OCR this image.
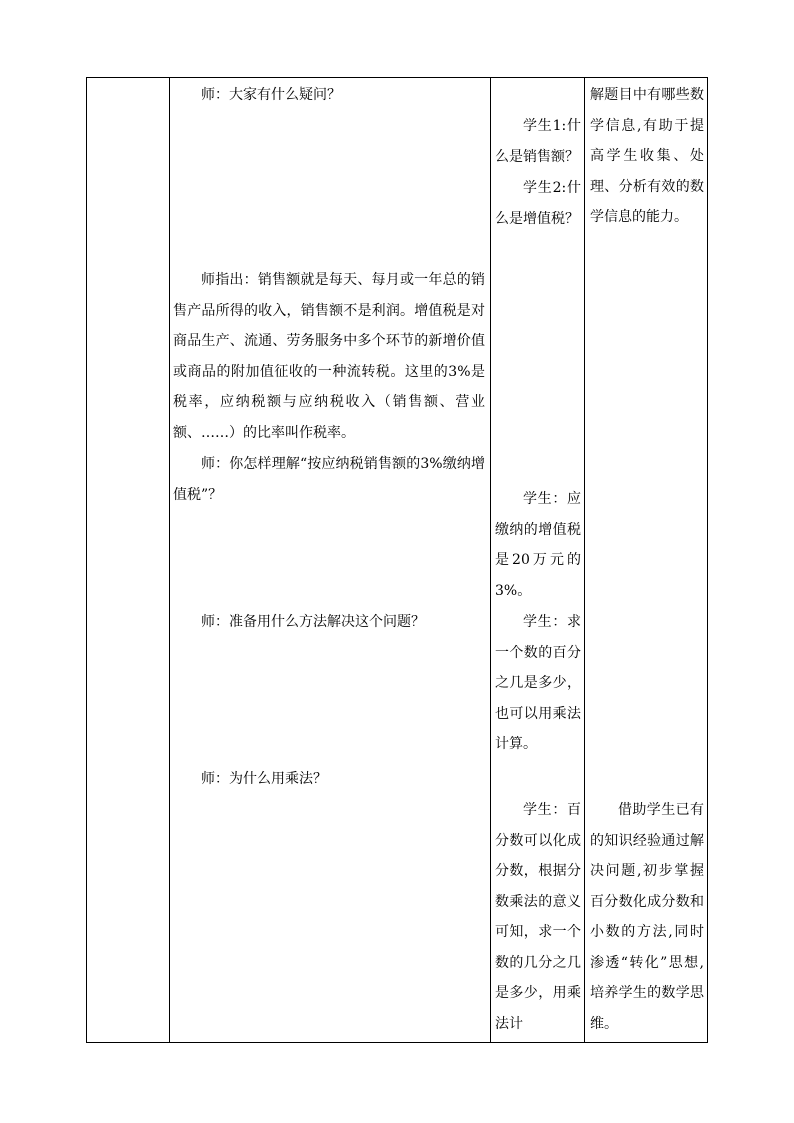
师：大家有什么疑问？
师指出：销售额就是每天、每月或一年总的销售产品所得的收入，销售额不是利润。增值税是对商品生产、流通、劳务服务中多个环节的新增价值或商品的附加值征收的一种流转税。这里的3%是税率，应纳税额与应纳税收入（销售额、营业额、……）的比率叫作税率。
师：你怎样理解“按应纳税销售额的3%缴纳增值税”？
师：准备用什么方法解决这个问题？
师：为什么用乘法？
学生1:什么是销售额？
学生2:什么是增值税？
学生：应缴纳的增值税是20万元的3%。
学生：求一个数的百分之几是多少，也可以用乘法计算。
学生：百分数可以化成分数，根据分数乘法的意义可知，求一个数的几分之几是多少，用乘法计
解题目中有哪些数学信息,有助于提高学生收集、处理、分析有效的数学信息的能力。
借助学生已有的知识经验通过解决问题,初步掌握百分数化成分数和小数的方法,同时渗透“转化”思想,培养学生的数学思维。
